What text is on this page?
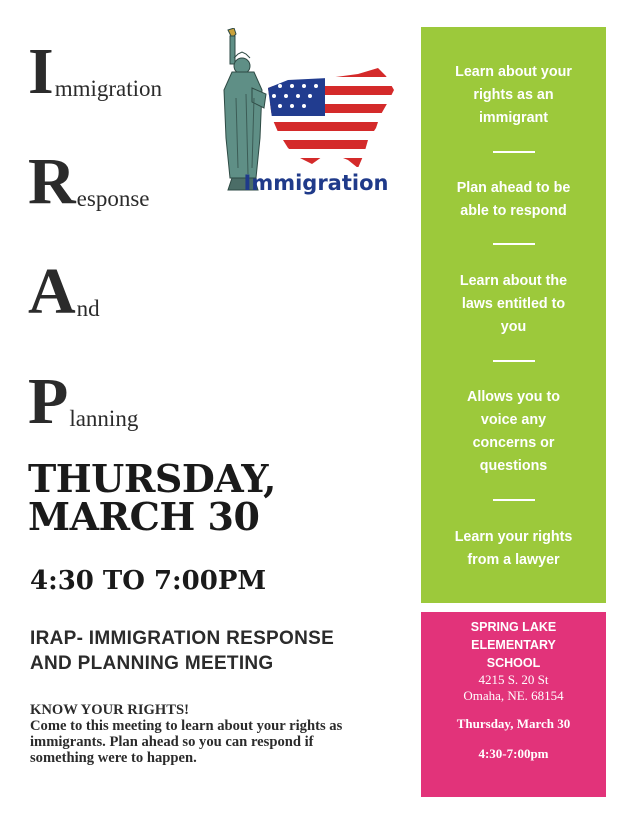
I mmigration
R esponse
A nd
P lanning
Immigration
THURSDAY,
MARCH 30
4:30 TO 7:00PM
IRAP- IMMIGRATION RESPONSE
AND PLANNING MEETING
KNOW YOUR RIGHTS!
Come to this meeting to learn about your rights as
immigrants. Plan ahead so you can respond if
something were to happen.
Learn about your
rights as an
immigrant
Plan ahead to be
able to respond
Learn about the
laws entitled to
you
Allows you to
voice any
concerns or
questions
Learn your rights
from a lawyer
SPRING LAKE
ELEMENTARY
SCHOOL
4215 S. 20 St
Omaha, NE. 68154
Thursday, March 30
4:30-7:00pm
